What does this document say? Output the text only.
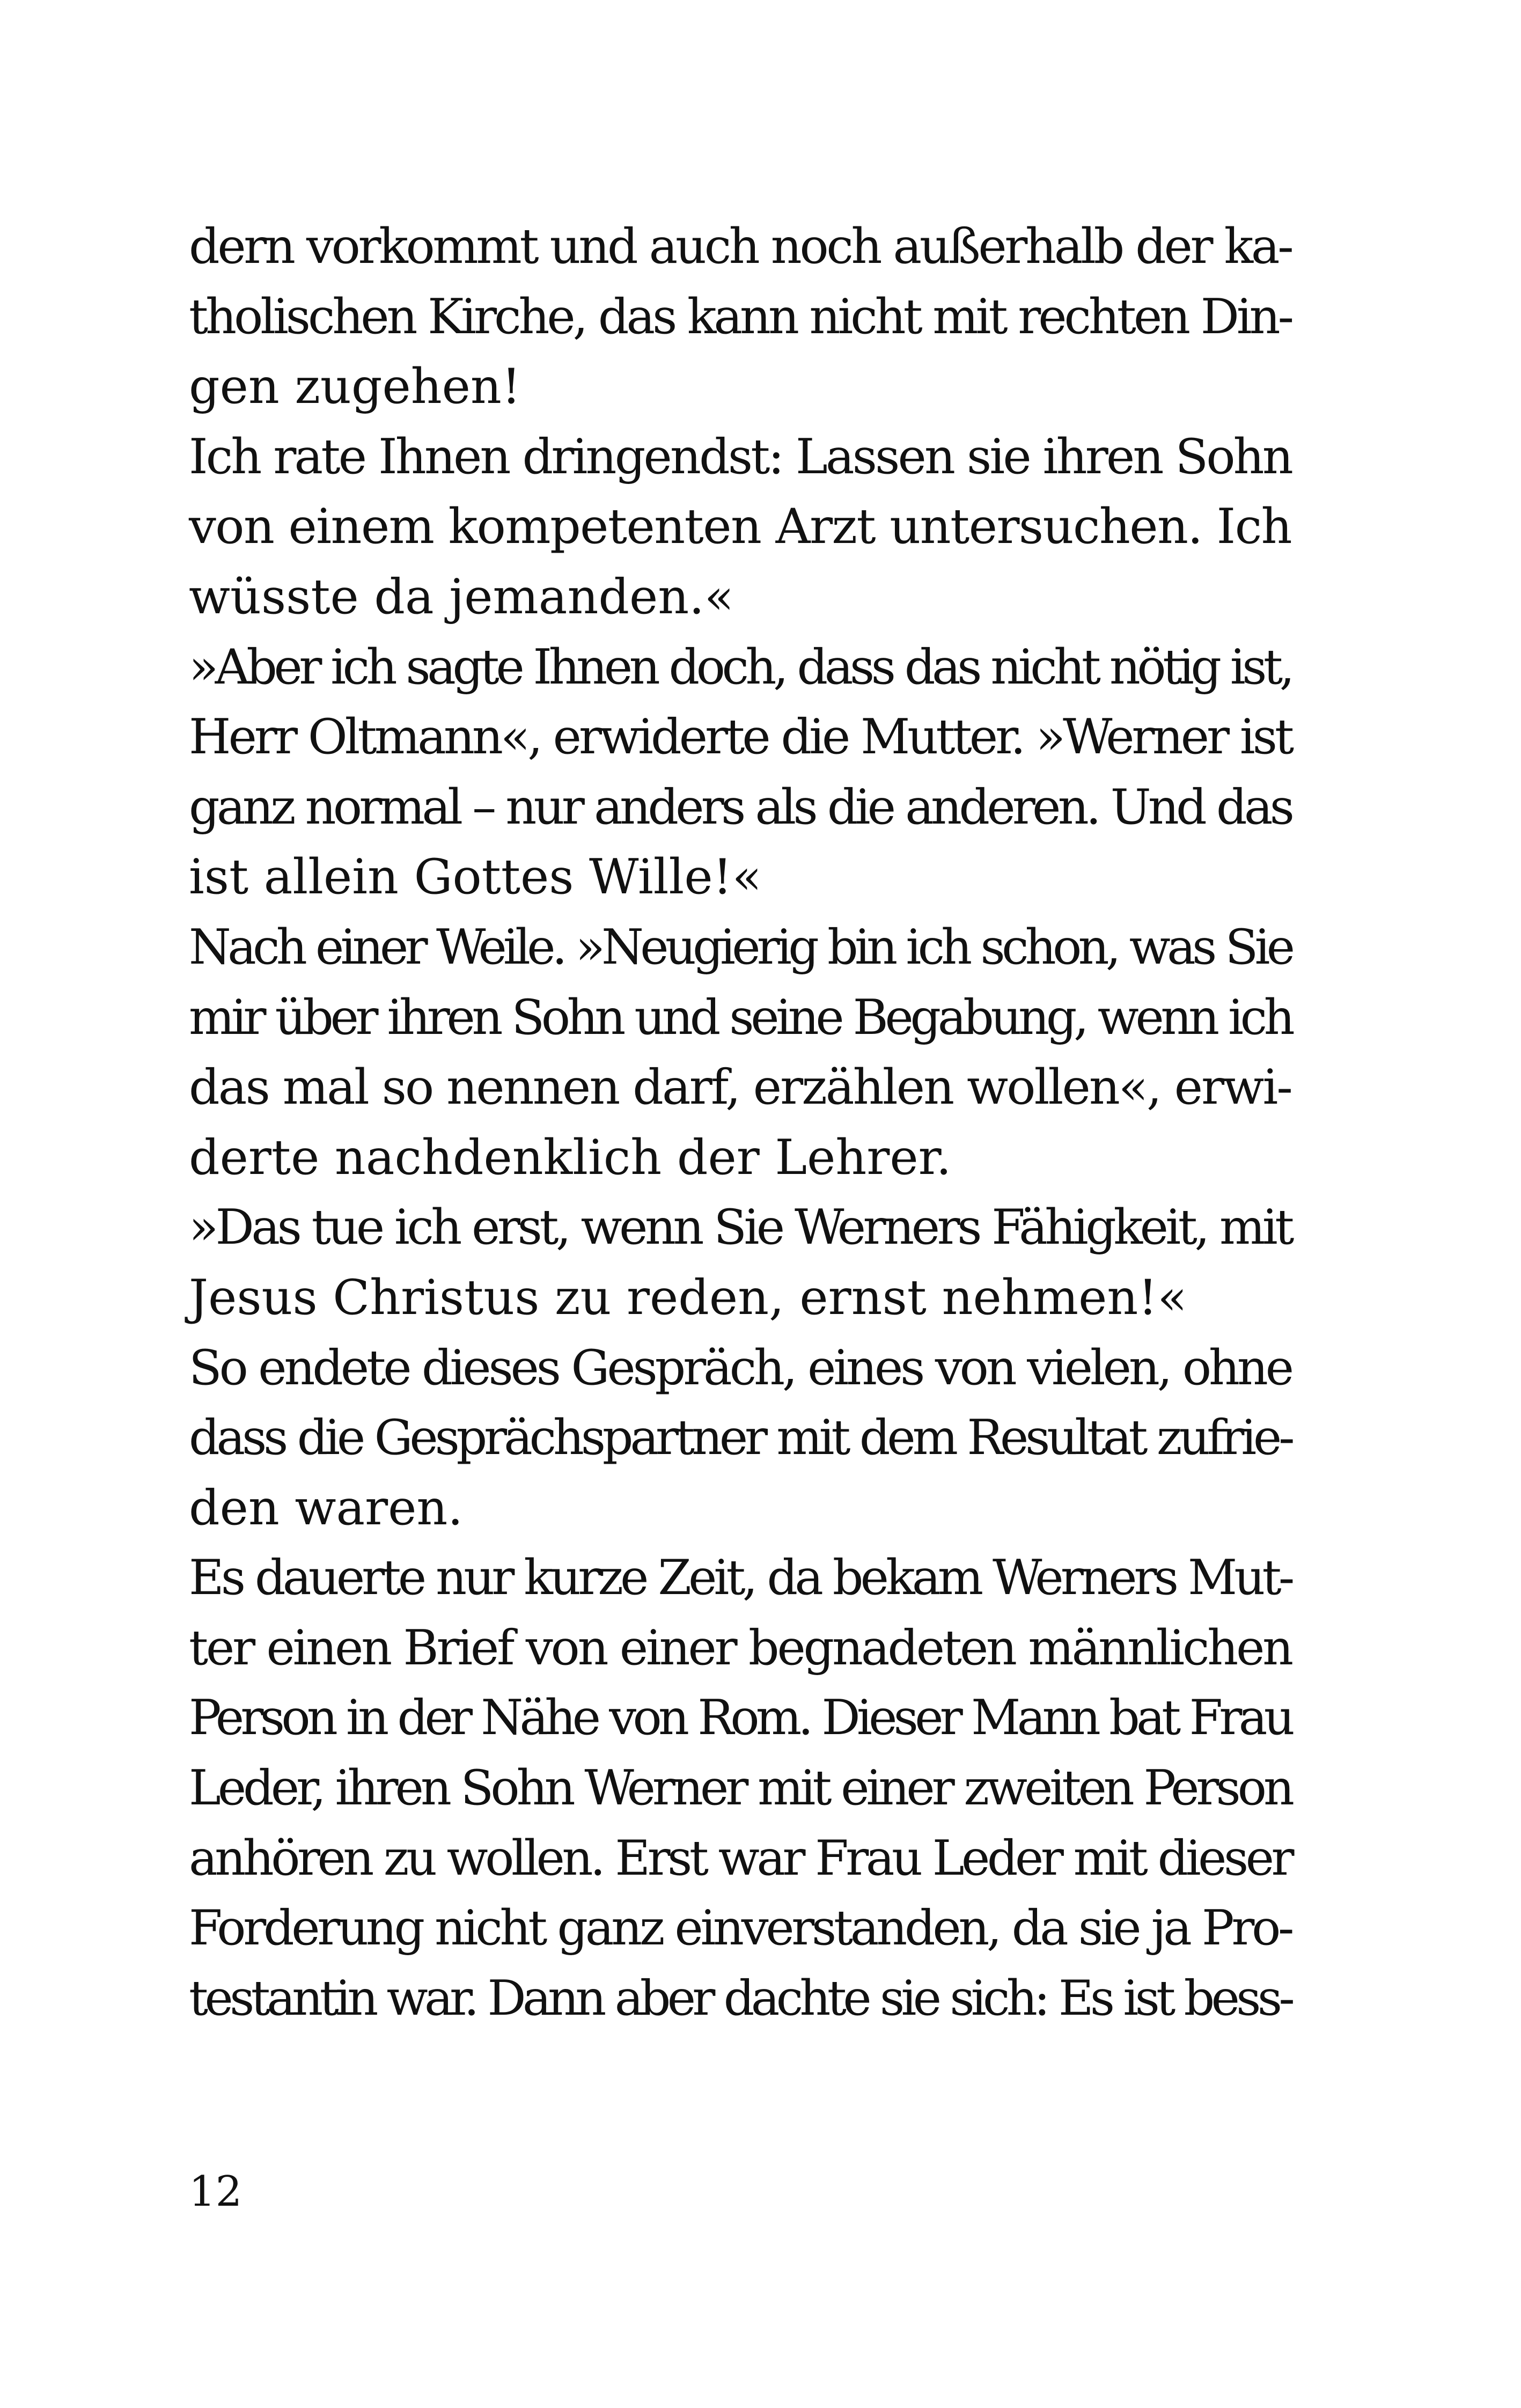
dern vorkommt und auch noch außerhalb der ka-
tholischen Kirche, das kann nicht mit rechten Din-
gen zugehen!
Ich rate Ihnen dringendst: Lassen sie ihren Sohn
von einem kompetenten Arzt untersuchen. Ich
wüsste da jemanden.«
»Aber ich sagte Ihnen doch, dass das nicht nötig ist,
Herr Oltmann«, erwiderte die Mutter. »Werner ist
ganz normal – nur anders als die anderen. Und das
ist allein Gottes Wille!«
Nach einer Weile. »Neugierig bin ich schon, was Sie
mir über ihren Sohn und seine Begabung, wenn ich
das mal so nennen darf, erzählen wollen«, erwi-
derte nachdenklich der Lehrer.
»Das tue ich erst, wenn Sie Werners Fähigkeit, mit
Jesus Christus zu reden, ernst nehmen!«
So endete dieses Gespräch, eines von vielen, ohne
dass die Gesprächspartner mit dem Resultat zufrie-
den waren.
Es dauerte nur kurze Zeit, da bekam Werners Mut-
ter einen Brief von einer begnadeten männlichen
Person in der Nähe von Rom. Dieser Mann bat Frau
Leder, ihren Sohn Werner mit einer zweiten Person
anhören zu wollen. Erst war Frau Leder mit dieser
Forderung nicht ganz einverstanden, da sie ja Pro-
testantin war. Dann aber dachte sie sich: Es ist bess-
12
